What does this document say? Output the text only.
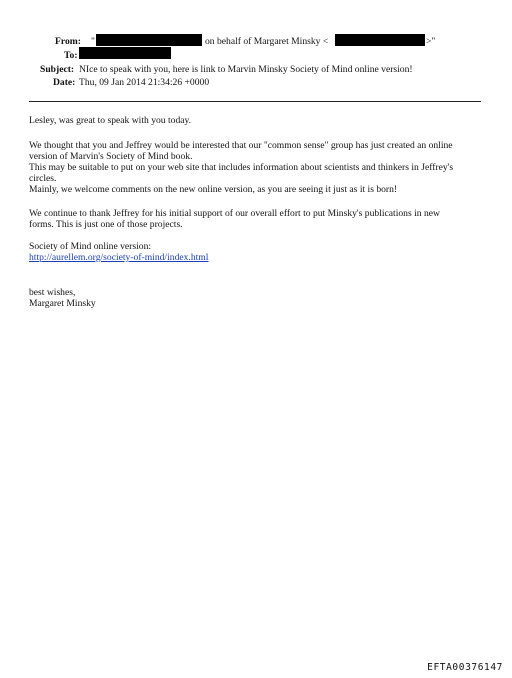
From: "	on behalf of Margaret Minsky <	>"
To:
Subject: NIce to speak with you, here is link to Marvin Minsky Society of Mind online version!
Date: Thu, 09 Jan 2014 21:34:26 +0000
Lesley, was great to speak with you today.
We thought that you and Jeffrey would be interested that our "common sense" group has just created an online
version of Marvin's Society of Mind book.
This may be suitable to put on your web site that includes information about scientists and thinkers in Jeffrey's
circles.
Mainly, we welcome comments on the new online version, as you are seeing it just as it is born!
We continue to thank Jeffrey for his initial support of our overall effort to put Minsky's publications in new
forms. This is just one of those projects.
Society of Mind online version:
http://aurellem.org/society-of-mind/index.html
best wishes,
Margaret Minsky
EFTA00376147
